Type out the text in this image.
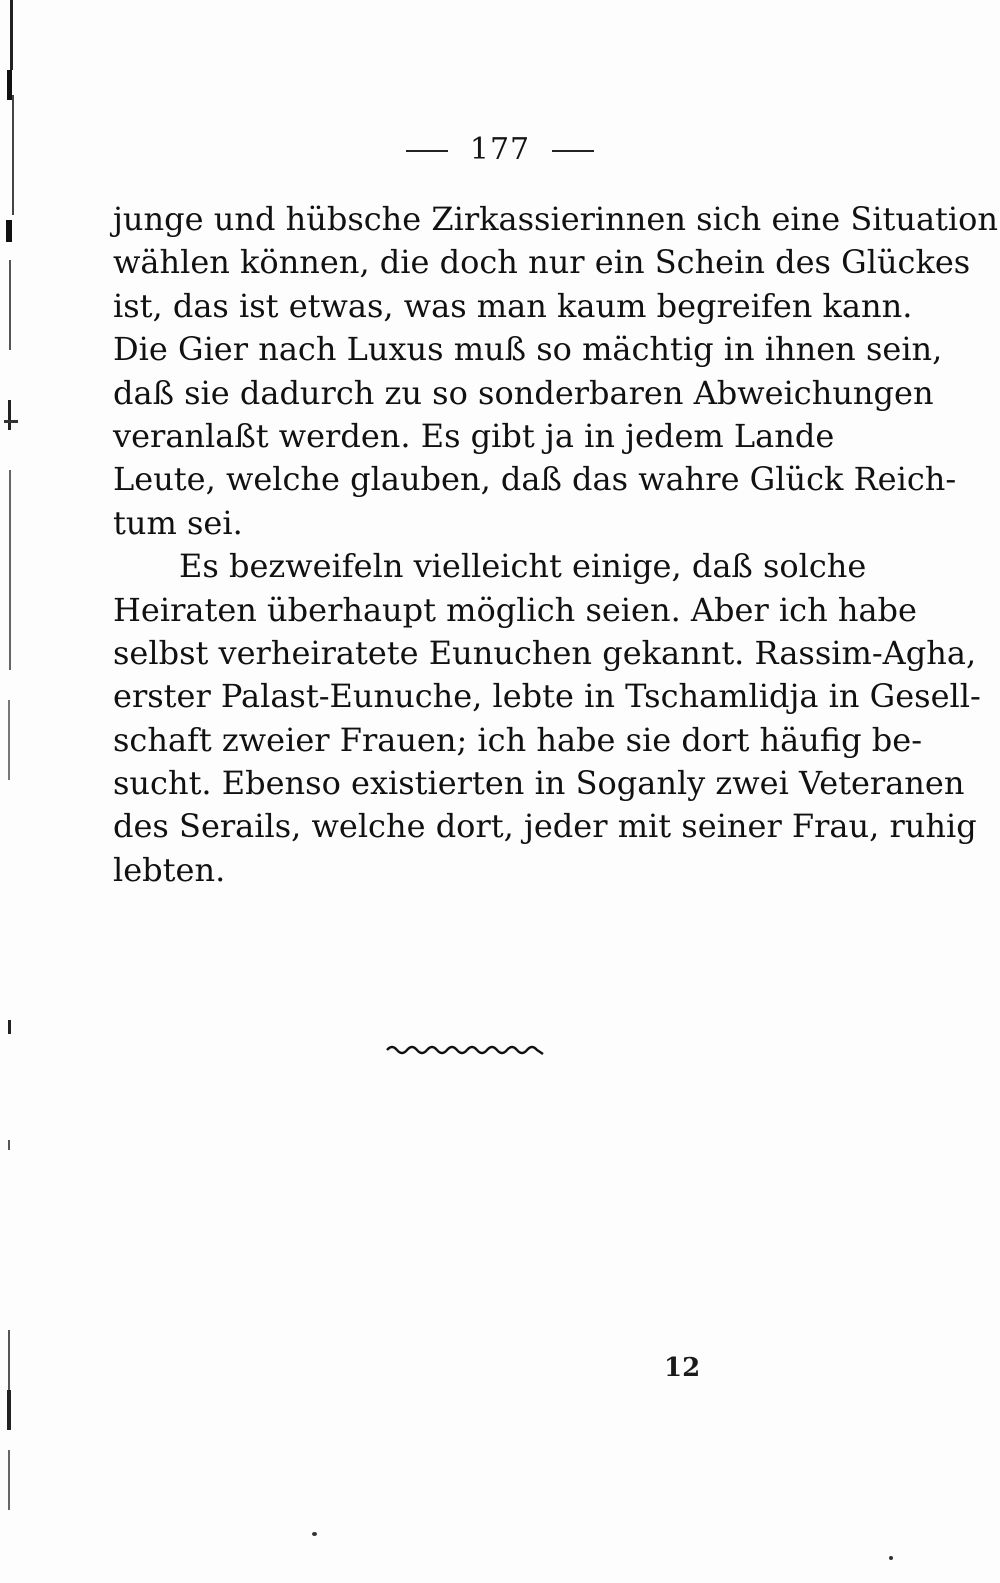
177
junge und hübsche Zirkassierinnen sich eine Situation
wählen können, die doch nur ein Schein des Glückes
ist, das ist etwas, was man kaum begreifen kann.
Die Gier nach Luxus muß so mächtig in ihnen sein,
daß sie dadurch zu so sonderbaren Abweichungen
veranlaßt werden. Es gibt ja in jedem Lande
Leute, welche glauben, daß das wahre Glück Reich-
tum sei.
Es bezweifeln vielleicht einige, daß solche
Heiraten überhaupt möglich seien. Aber ich habe
selbst verheiratete Eunuchen gekannt. Rassim-Agha,
erster Palast-Eunuche, lebte in Tschamlidja in Gesell-
schaft zweier Frauen; ich habe sie dort häufig be-
sucht. Ebenso existierten in Soganly zwei Veteranen
des Serails, welche dort, jeder mit seiner Frau, ruhig
lebten.
12
